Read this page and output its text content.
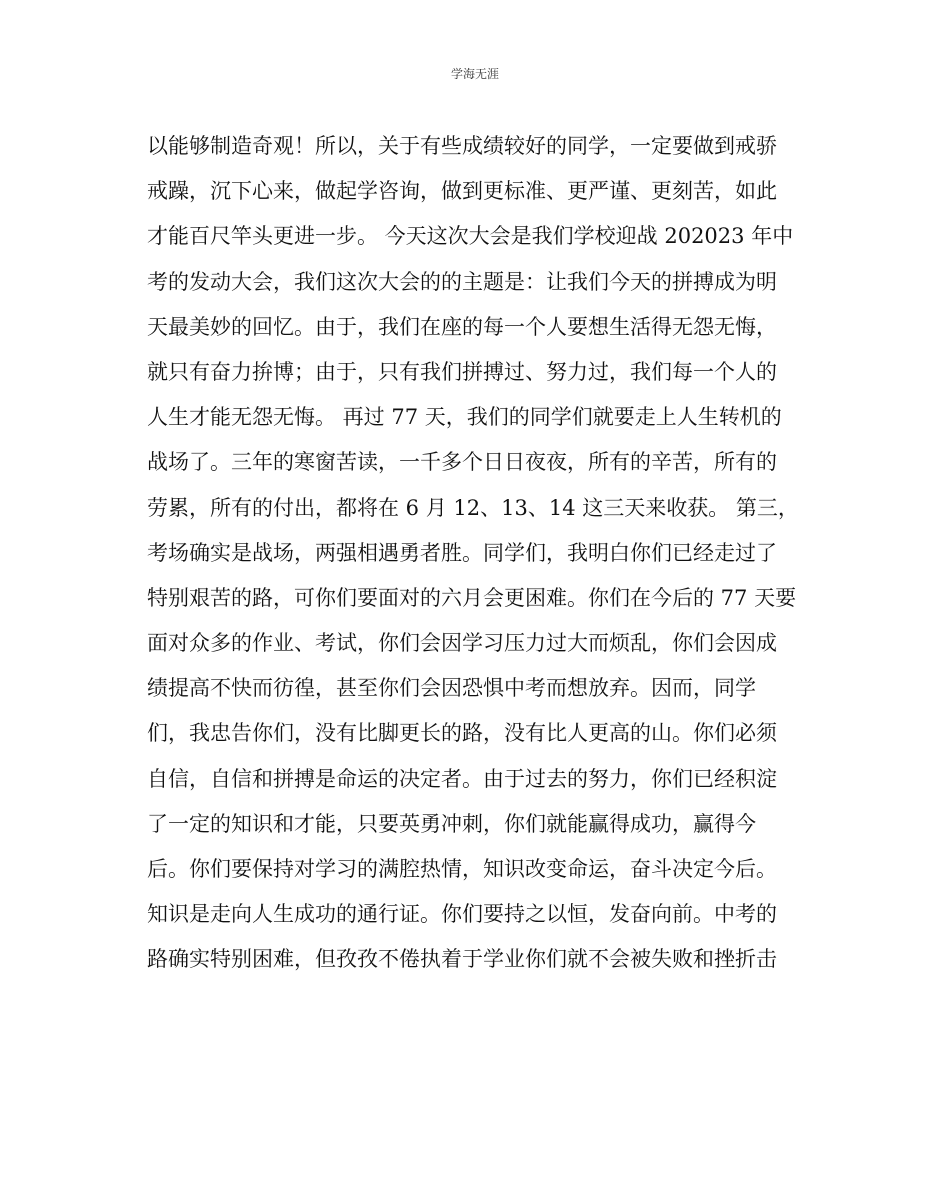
学海无涯
以能够制造奇观！所以，关于有些成绩较好的同学，一定要做到戒骄
戒躁，沉下心来，做起学咨询，做到更标准、更严谨、更刻苦，如此
才能百尺竿头更进一步。 今天这次大会是我们学校迎战 202023 年中
考的发动大会，我们这次大会的的主题是：让我们今天的拼搏成为明
天最美妙的回忆。由于，我们在座的每一个人要想生活得无怨无悔，
就只有奋力拚博；由于，只有我们拼搏过、努力过，我们每一个人的
人生才能无怨无悔。 再过 77 天，我们的同学们就要走上人生转机的
战场了。三年的寒窗苦读，一千多个日日夜夜，所有的辛苦，所有的
劳累，所有的付出，都将在 6 月 12、13、14 这三天来收获。 第三，
考场确实是战场，两强相遇勇者胜。同学们，我明白你们已经走过了
特别艰苦的路，可你们要面对的六月会更困难。你们在今后的 77 天要
面对众多的作业、考试，你们会因学习压力过大而烦乱，你们会因成
绩提高不快而彷徨，甚至你们会因恐惧中考而想放弃。因而，同学
们，我忠告你们，没有比脚更长的路，没有比人更高的山。你们必须
自信，自信和拼搏是命运的决定者。由于过去的努力，你们已经积淀
了一定的知识和才能，只要英勇冲刺，你们就能赢得成功，赢得今
后。你们要保持对学习的满腔热情，知识改变命运，奋斗决定今后。
知识是走向人生成功的通行证。你们要持之以恒，发奋向前。中考的
路确实特别困难，但孜孜不倦执着于学业你们就不会被失败和挫折击
